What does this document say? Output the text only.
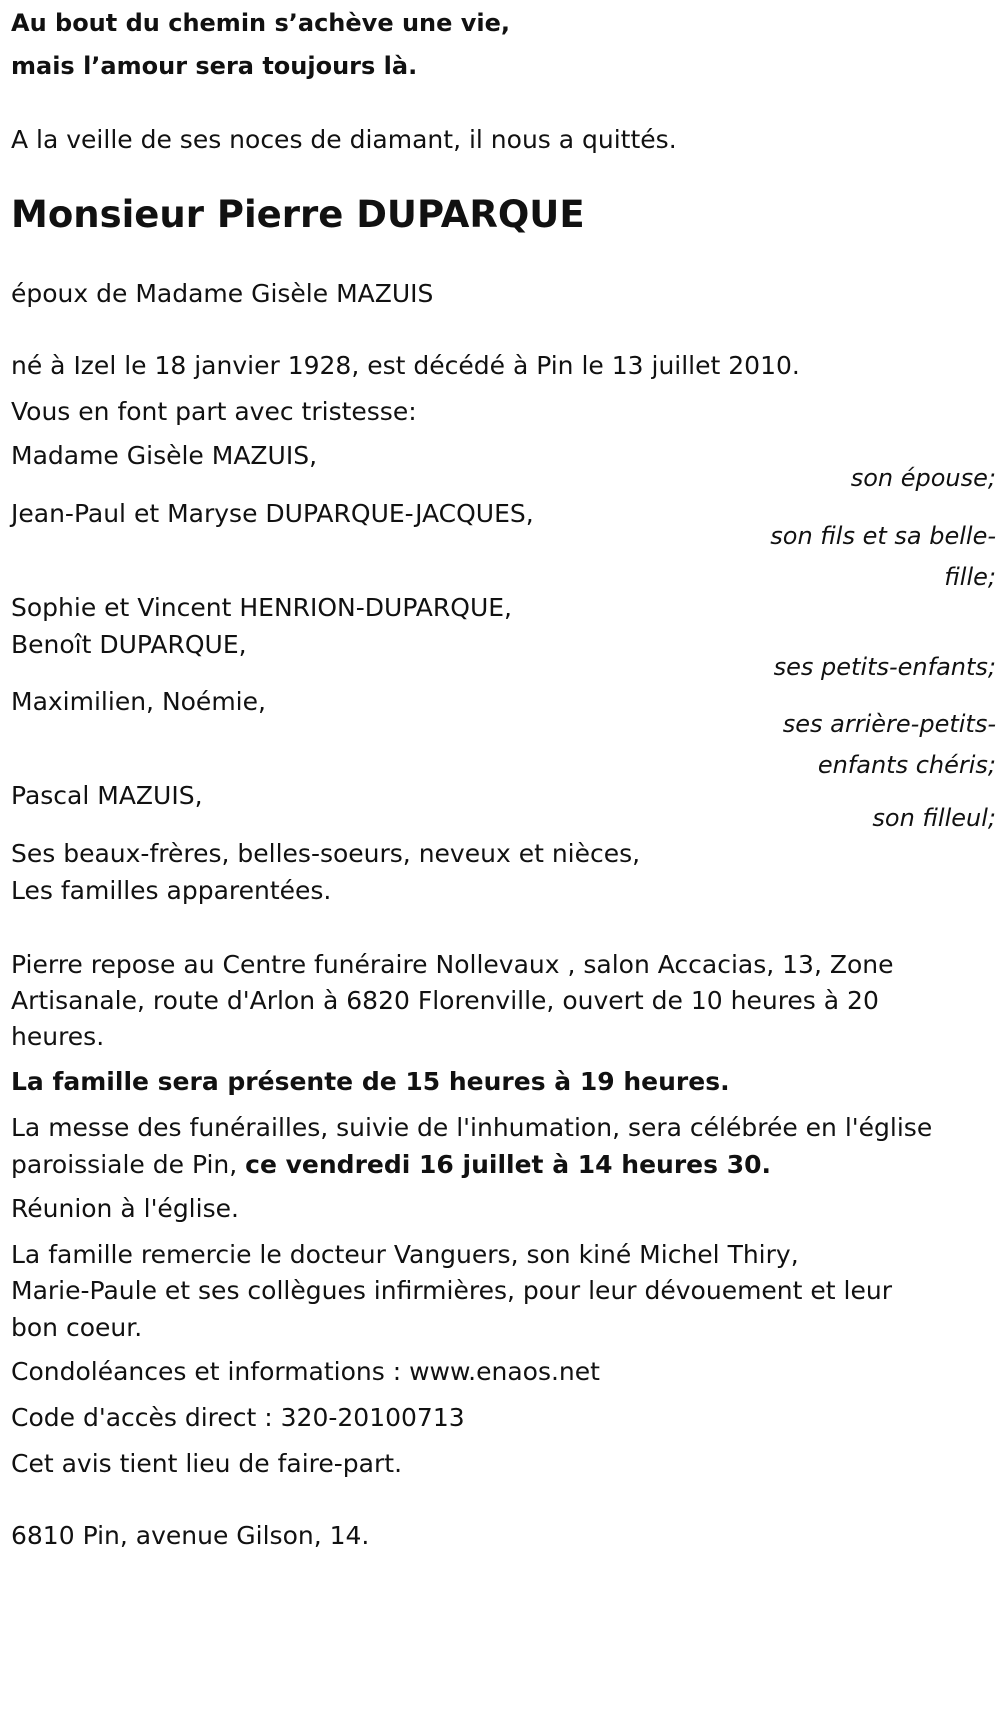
Au bout du chemin s’achève une vie,
mais l’amour sera toujours là.
A la veille de ses noces de diamant, il nous a quittés.
Monsieur Pierre DUPARQUE
époux de Madame Gisèle MAZUIS
né à Izel le 18 janvier 1928, est décédé à Pin le 13 juillet 2010.
Vous en font part avec tristesse:
Madame Gisèle MAZUIS,
son épouse;
Jean-Paul et Maryse DUPARQUE-JACQUES,
son fils et sa belle-
fille;
Sophie et Vincent HENRION-DUPARQUE,
Benoît DUPARQUE,
ses petits-enfants;
Maximilien, Noémie,
ses arrière-petits-
enfants chéris;
Pascal MAZUIS,
son filleul;
Ses beaux-frères, belles-soeurs, neveux et nièces,
Les familles apparentées.
Pierre repose au Centre funéraire Nollevaux , salon Accacias, 13, Zone
Artisanale, route d'Arlon à 6820 Florenville, ouvert de 10 heures à 20
heures.
La famille sera présente de 15 heures à 19 heures.
La messe des funérailles, suivie de l'inhumation, sera célébrée en l'église
paroissiale de Pin, ce vendredi 16 juillet à 14 heures 30.
Réunion à l'église.
La famille remercie le docteur Vanguers, son kiné Michel Thiry,
Marie-Paule et ses collègues infirmières, pour leur dévouement et leur
bon coeur.
Condoléances et informations : www.enaos.net
Code d'accès direct : 320-20100713
Cet avis tient lieu de faire-part.
6810 Pin, avenue Gilson, 14.
